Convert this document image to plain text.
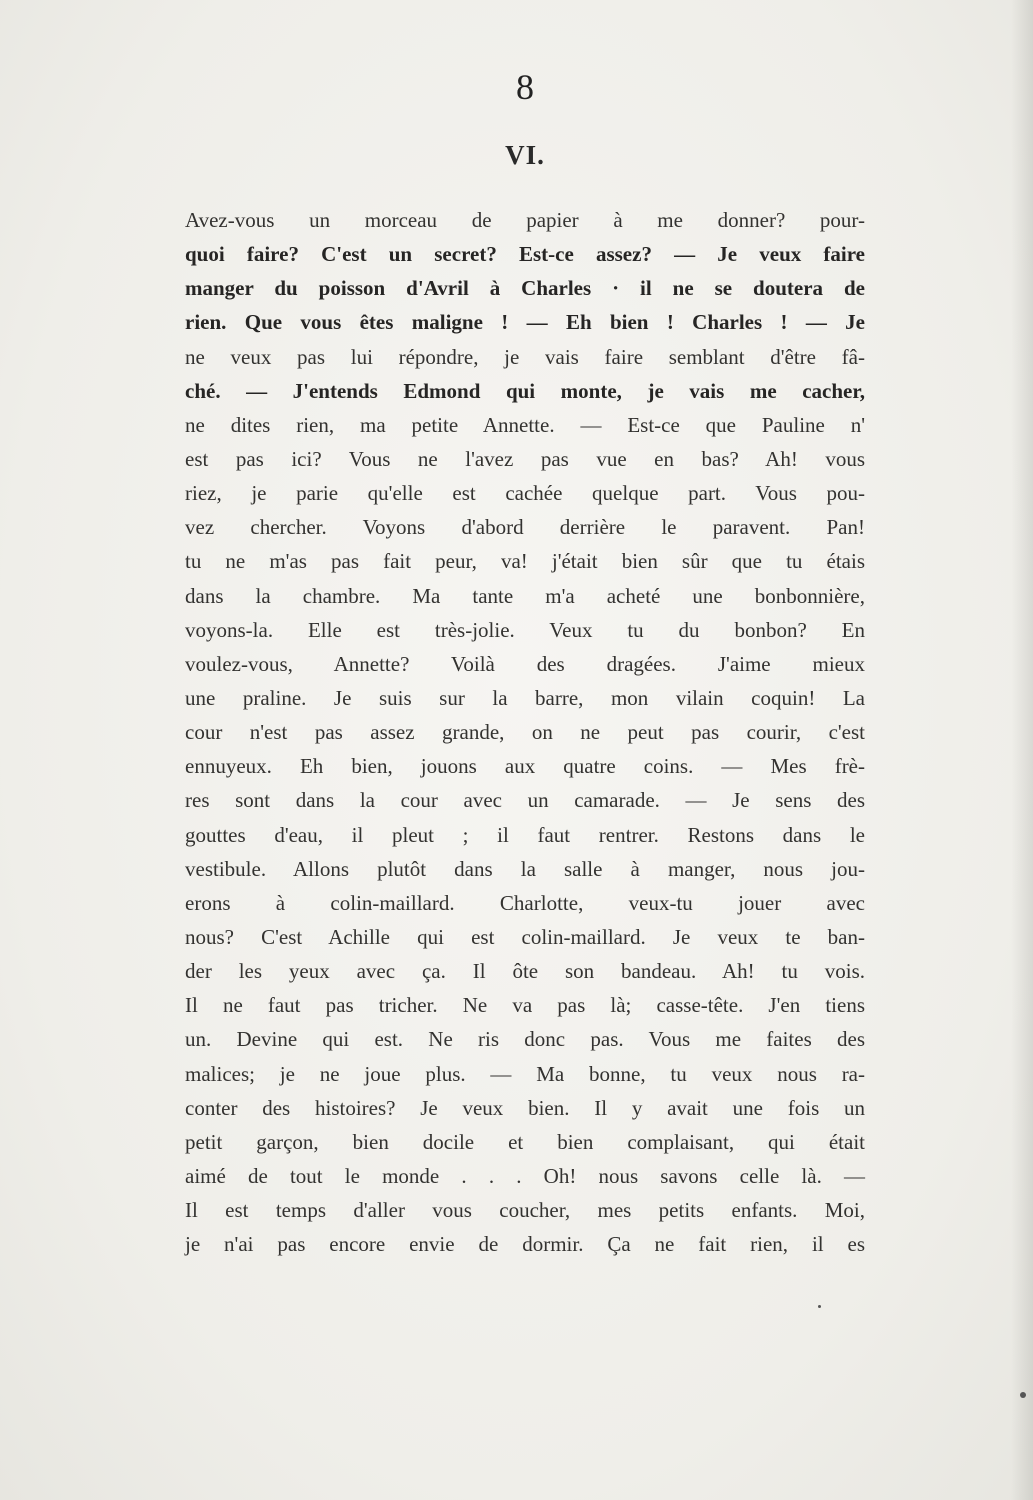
8
VI.
Avez-vous un morceau de papier à me donner? pour-
quoi faire? C'est un secret? Est-ce assez? — Je veux faire
manger du poisson d'Avril à Charles · il ne se doutera de
rien. Que vous êtes maligne ! — Eh bien ! Charles ! — Je
ne veux pas lui répondre, je vais faire semblant d'être fâ-
ché. — J'entends Edmond qui monte, je vais me cacher,
ne dites rien, ma petite Annette. — Est-ce que Pauline n'
est pas ici? Vous ne l'avez pas vue en bas? Ah! vous
riez, je parie qu'elle est cachée quelque part. Vous pou-
vez chercher. Voyons d'abord derrière le paravent. Pan!
tu ne m'as pas fait peur, va! j'était bien sûr que tu étais
dans la chambre. Ma tante m'a acheté une bonbonnière,
voyons-la. Elle est très-jolie. Veux tu du bonbon? En
voulez-vous, Annette? Voilà des dragées. J'aime mieux
une praline. Je suis sur la barre, mon vilain coquin! La
cour n'est pas assez grande, on ne peut pas courir, c'est
ennuyeux. Eh bien, jouons aux quatre coins. — Mes frè-
res sont dans la cour avec un camarade. — Je sens des
gouttes d'eau, il pleut ; il faut rentrer. Restons dans le
vestibule. Allons plutôt dans la salle à manger, nous jou-
erons à colin-maillard. Charlotte, veux-tu jouer avec
nous? C'est Achille qui est colin-maillard. Je veux te ban-
der les yeux avec ça. Il ôte son bandeau. Ah! tu vois.
Il ne faut pas tricher. Ne va pas là; casse-tête. J'en tiens
un. Devine qui est. Ne ris donc pas. Vous me faites des
malices; je ne joue plus. — Ma bonne, tu veux nous ra-
conter des histoires? Je veux bien. Il y avait une fois un
petit garçon, bien docile et bien complaisant, qui était
aimé de tout le monde . . . Oh! nous savons celle là. —
Il est temps d'aller vous coucher, mes petits enfants. Moi,
je n'ai pas encore envie de dormir. Ça ne fait rien, il es
